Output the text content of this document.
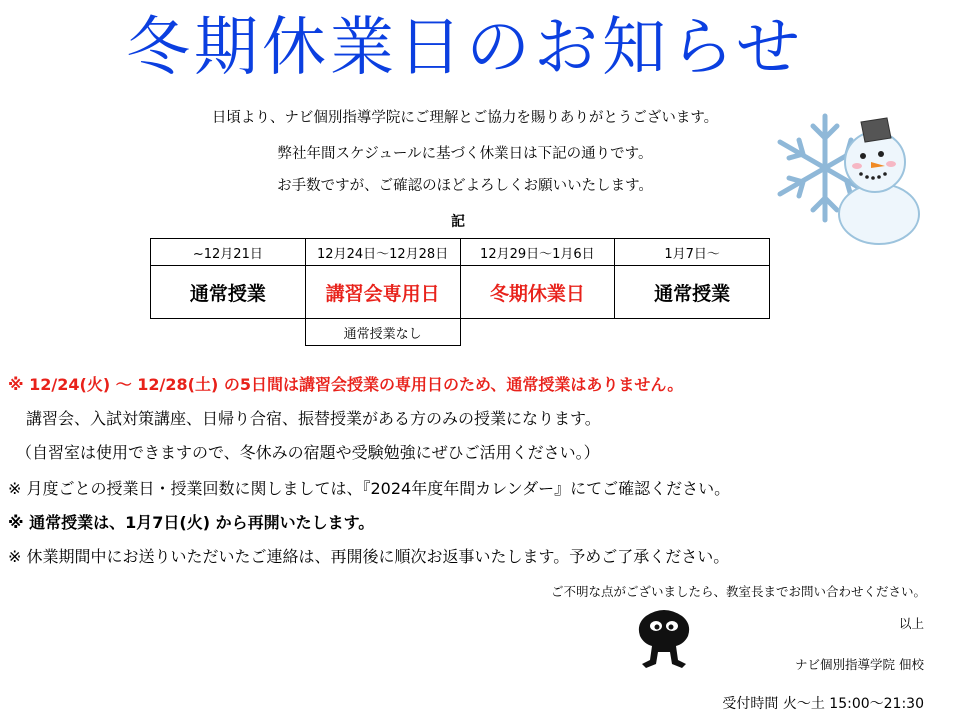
冬期休業日のお知らせ
日頃より、ナビ個別指導学院にご理解とご協力を賜りありがとうございます。
弊社年間スケジュールに基づく休業日は下記の通りです。
お手数ですが、ご確認のほどよろしくお願いいたします。
記
~12月21日	12月24日～12月28日	12月29日～1月6日	1月7日～
通常授業	講習会専用日	冬期休業日	通常授業
	通常授業なし		
※ 12/24(火) ～ 12/28(土) の5日間は講習会授業の専用日のため、通常授業はありません。
講習会、入試対策講座、日帰り合宿、振替授業がある方のみの授業になります。
（自習室は使用できますので、冬休みの宿題や受験勉強にぜひご活用ください。）
※ 月度ごとの授業日・授業回数に関しましては、『2024年度年間カレンダー』にてご確認ください。
※ 通常授業は、1月7日(火) から再開いたします。
※ 休業期間中にお送りいただいたご連絡は、再開後に順次お返事いたします。予めご了承ください。
ご不明な点がございましたら、教室長までお問い合わせください。
以上
ナビ個別指導学院 佃校
受付時間 火～土 15:00～21:30
